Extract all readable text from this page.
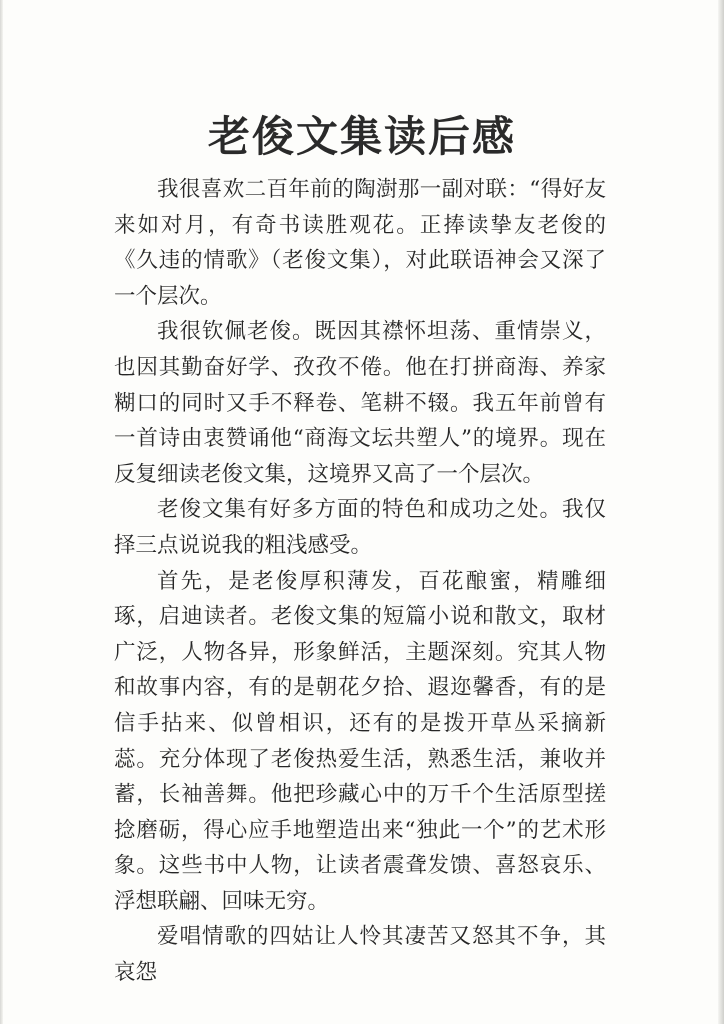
老俊文集读后感

我很喜欢二百年前的陶澍那一副对联：“得好友来如对月，有奇书读胜观花。正捧读挚友老俊的《久违的情歌》（老俊文集），对此联语神会又深了一个层次。

我很钦佩老俊。既因其襟怀坦荡、重情崇义，也因其勤奋好学、孜孜不倦。他在打拼商海、养家糊口的同时又手不释卷、笔耕不辍。我五年前曾有一首诗由衷赞诵他“商海文坛共塑人”的境界。现在反复细读老俊文集，这境界又高了一个层次。

老俊文集有好多方面的特色和成功之处。我仅择三点说说我的粗浅感受。

首先，是老俊厚积薄发，百花酿蜜，精雕细琢，启迪读者。老俊文集的短篇小说和散文，取材广泛，人物各异，形象鲜活，主题深刻。究其人物和故事内容，有的是朝花夕拾、遐迩馨香，有的是信手拈来、似曾相识，还有的是拨开草丛采摘新蕊。充分体现了老俊热爱生活，熟悉生活，兼收并蓄，长袖善舞。他把珍藏心中的万千个生活原型搓捻磨砺，得心应手地塑造出来“独此一个”的艺术形象。这些书中人物，让读者震聋发馈、喜怒哀乐、浮想联翩、回味无穷。

爱唱情歌的四姑让人怜其凄苦又怒其不争，其哀怨
